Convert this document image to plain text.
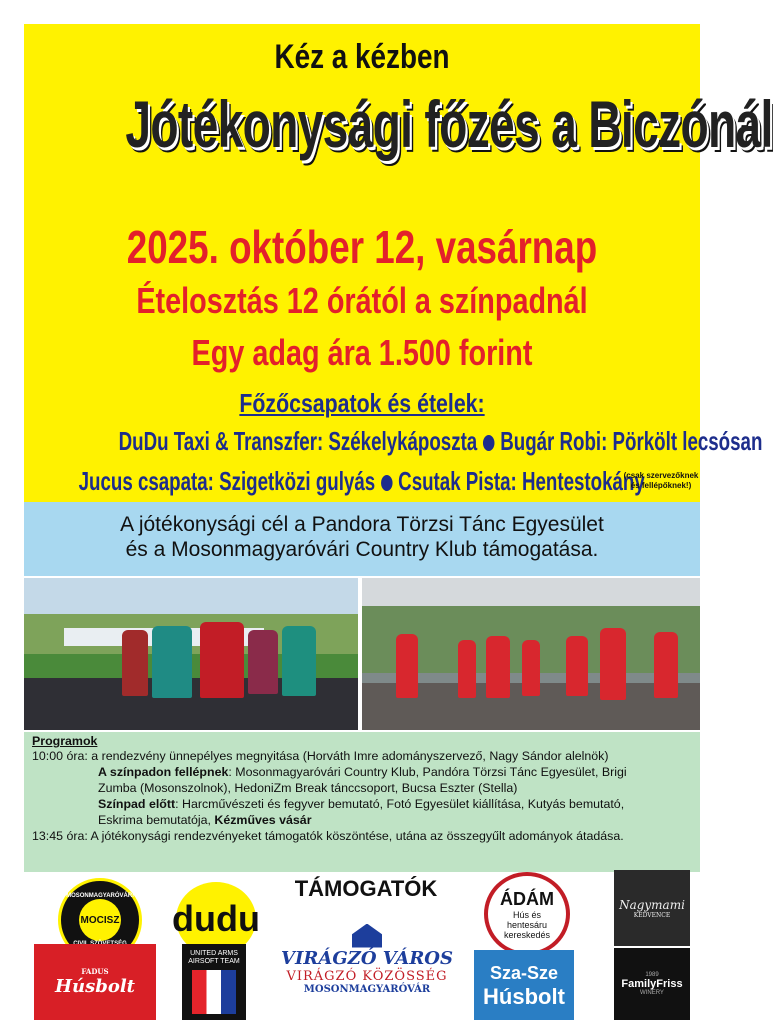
Kéz a kézben
Jótékonysági főzés a Biczónál
2025. október 12, vasárnap
Ételosztás 12 órától a színpadnál
Egy adag ára 1.500 forint
Főzőcsapatok és ételek:
DuDu Taxi & Transzfer: Székelykáposzta Bugár Robi: Pörkölt lecsósan
Jucus csapata: Szigetközi gulyás Csutak Pista: Hentestokány
(csak szervezőknek
és fellépőknek!)

A jótékonysági cél a Pandora Törzsi Tánc Egyesület

és a Mosonmagyaróvári Country Klub támogatása.

Programok
10:00 óra: a rendezvény ünnepélyes megnyitása (Horváth Imre adományszervező, Nagy Sándor alelnök)
A színpadon fellépnek: Mosonmagyaróvári Country Klub, Pandóra Törzsi Tánc Egyesület, Brigi
Zumba (Mosonszolnok), HedoniZm Break tánccsoport, Bucsa Eszter (Stella)
Színpad előtt: Harcművészeti és fegyver bemutató, Fotó Egyesület kiállítása, Kutyás bemutató,
Eskrima bemutatója, Kézműves vásár
13:45 óra: A jótékonysági rendezvényeket támogatók köszöntése, utána az összegyűlt adományok átadása.
MOSONMAGYARÓVÁRI
MOCISZ dudu
TÁMOGATÓK	ÁDÁM
Hús és hentesáru kereskedés
Nagymami
KEDVENCE
FADUS
Húsbolt
UNITED ARMS AIRSOFT TEAM VIRÁGZÓ VÁROS
VIRÁGZÓ KÖZÖSSÉG
MOSONMAGYARÓVÁR
Sza-Sze
Húsbolt
1989
FamilyFriss
WINERY
